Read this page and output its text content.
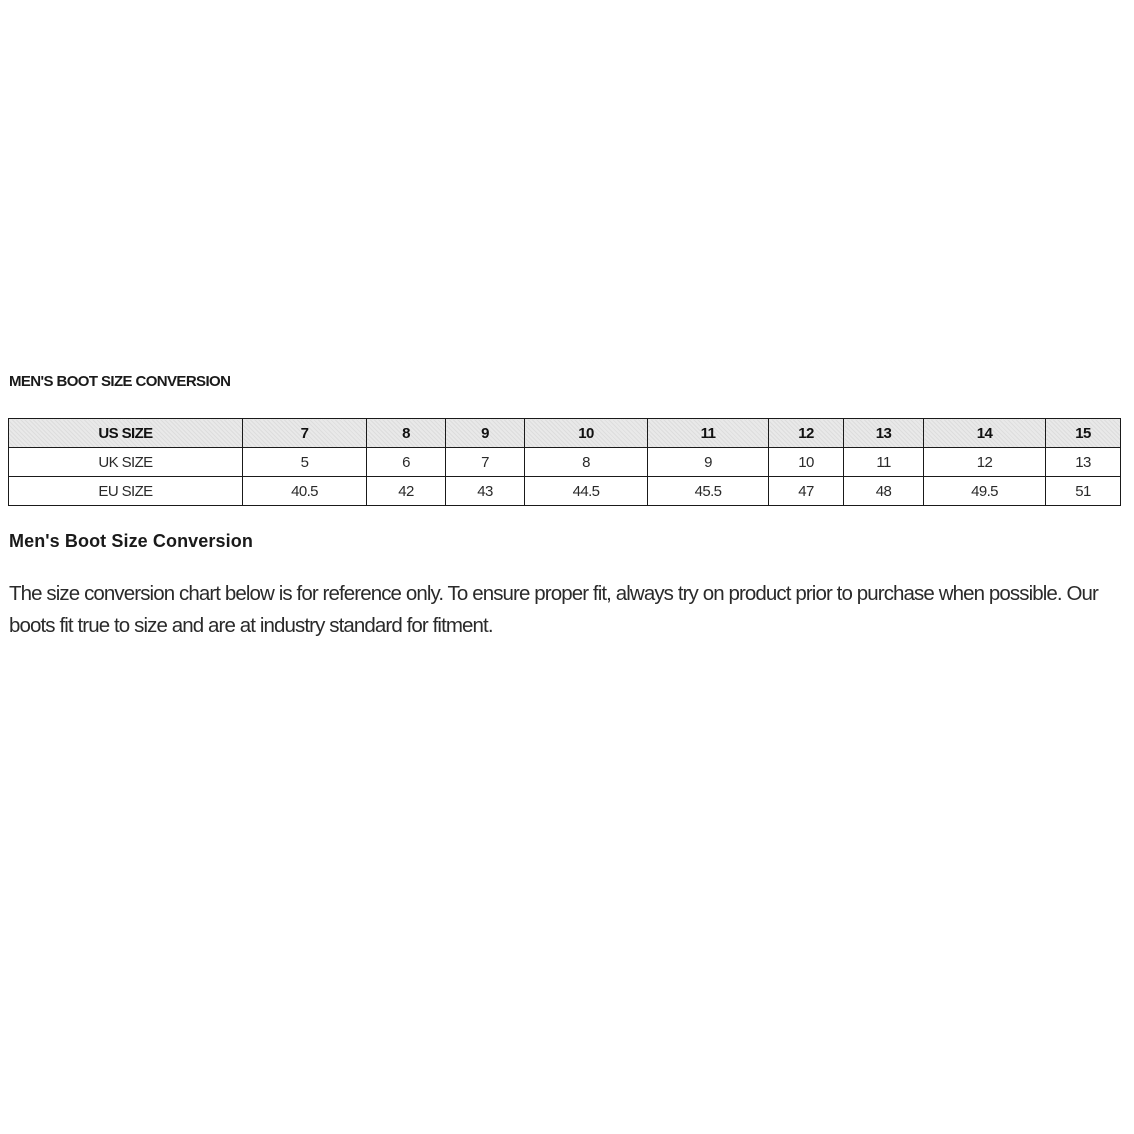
MEN'S BOOT SIZE CONVERSION
US SIZE	7	8	9	10	11	12	13	14	15
UK SIZE	5	6	7	8	9	10	11	12	13
EU SIZE	40.5	42	43	44.5	45.5	47	48	49.5	51
Men's Boot Size Conversion

The size conversion chart below is for reference only. To ensure proper fit, always try on product prior to purchase when possible. Our boots fit true to size and are at industry standard for fitment.
